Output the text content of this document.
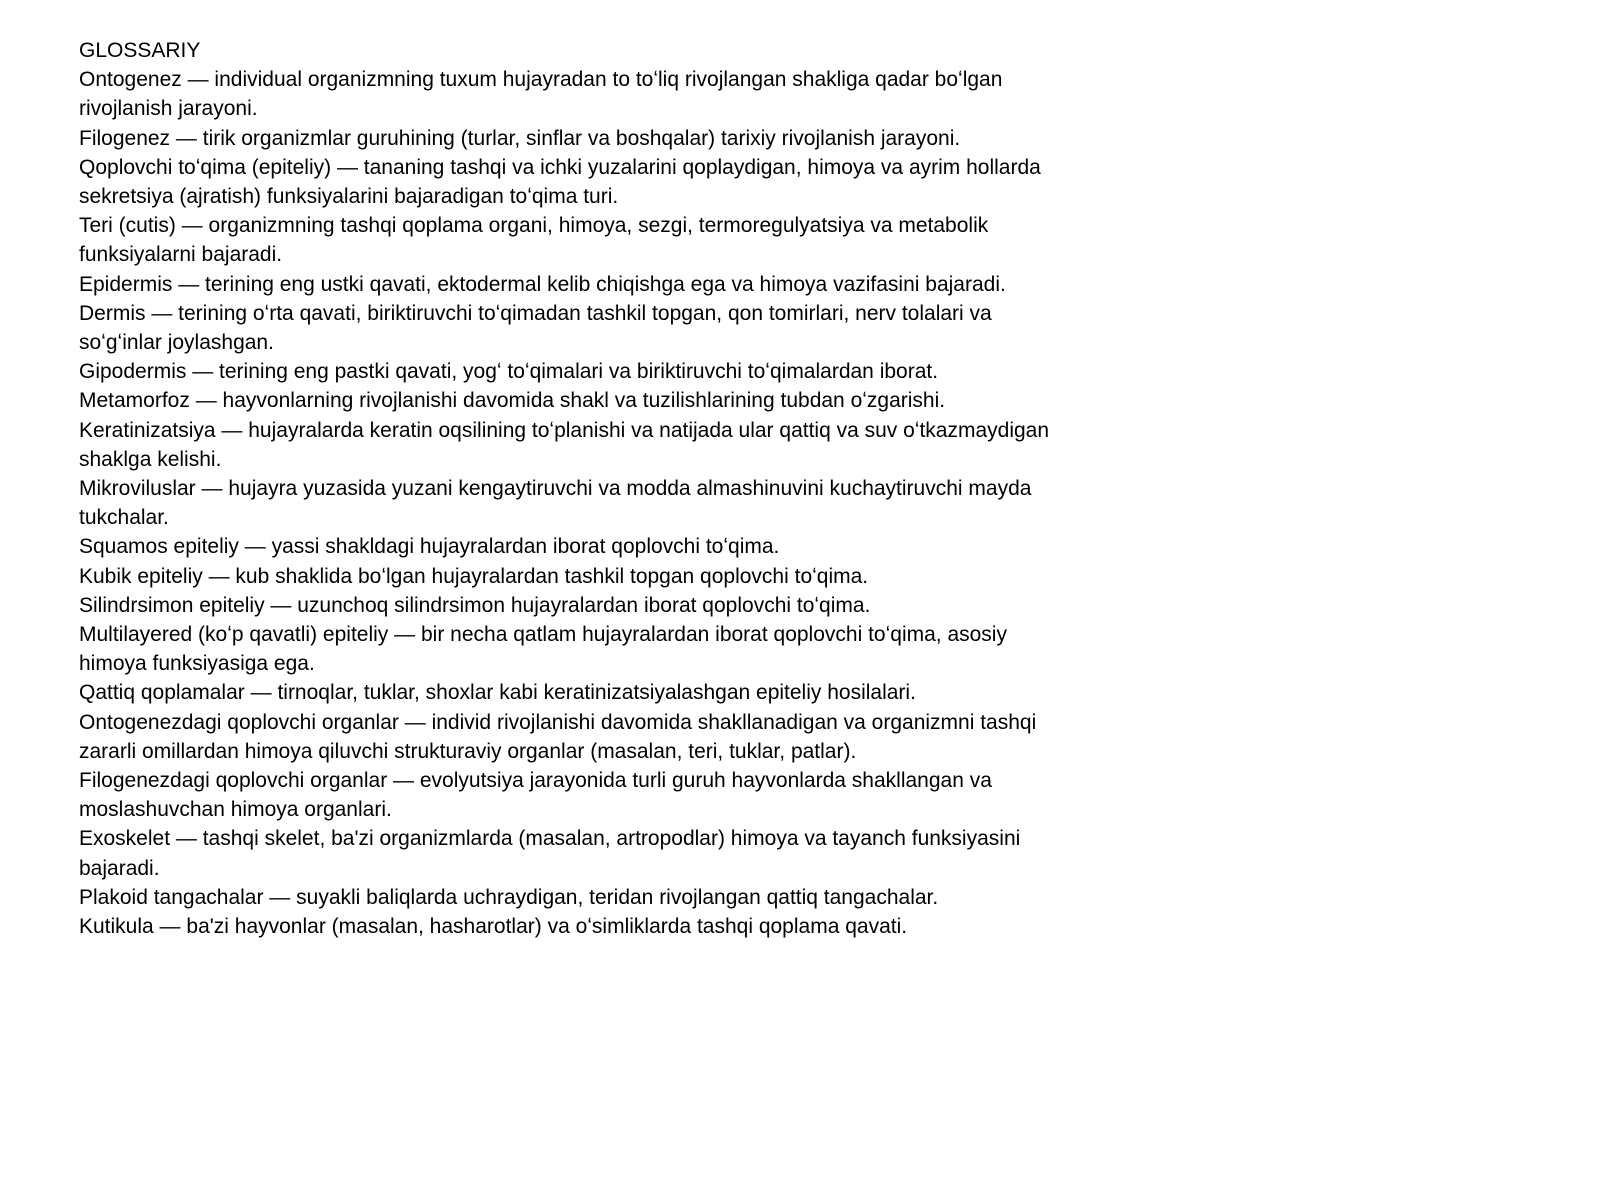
GLOSSARIY
Ontogenez — individual organizmning tuxum hujayradan to toʻliq rivojlangan shakliga qadar boʻlgan rivojlanish jarayoni.
Filogenez — tirik organizmlar guruhining (turlar, sinflar va boshqalar) tarixiy rivojlanish jarayoni.
Qoplovchi toʻqima (epiteliy) — tananing tashqi va ichki yuzalarini qoplaydigan, himoya va ayrim hollarda sekretsiya (ajratish) funksiyalarini bajaradigan toʻqima turi.
Teri (cutis) — organizmning tashqi qoplama organi, himoya, sezgi, termoregulyatsiya va metabolik funksiyalarni bajaradi.
Epidermis — terining eng ustki qavati, ektodermal kelib chiqishga ega va himoya vazifasini bajaradi.
Dermis — terining oʻrta qavati, biriktiruvchi toʻqimadan tashkil topgan, qon tomirlari, nerv tolalari va soʻgʻinlar joylashgan.
Gipodermis — terining eng pastki qavati, yogʻ toʻqimalari va biriktiruvchi toʻqimalardan iborat.
Metamorfoz — hayvonlarning rivojlanishi davomida shakl va tuzilishlarining tubdan oʻzgarishi.
Keratinizatsiya — hujayralarda keratin oqsilining toʻplanishi va natijada ular qattiq va suv oʻtkazmaydigan shaklga kelishi.
Mikroviluslar — hujayra yuzasida yuzani kengaytiruvchi va modda almashinuvini kuchaytiruvchi mayda tukchalar.
Squamos epiteliy — yassi shakldagi hujayralardan iborat qoplovchi toʻqima.
Kubik epiteliy — kub shaklida boʻlgan hujayralardan tashkil topgan qoplovchi toʻqima.
Silindrsimon epiteliy — uzunchoq silindrsimon hujayralardan iborat qoplovchi toʻqima.
Multilayered (koʻp qavatli) epiteliy — bir necha qatlam hujayralardan iborat qoplovchi toʻqima, asosiy himoya funksiyasiga ega.
Qattiq qoplamalar — tirnoqlar, tuklar, shoxlar kabi keratinizatsiyalashgan epiteliy hosilalari.
Ontogenezdagi qoplovchi organlar — individ rivojlanishi davomida shakllanadigan va organizmni tashqi zararli omillardan himoya qiluvchi strukturaviy organlar (masalan, teri, tuklar, patlar).
Filogenezdagi qoplovchi organlar — evolyutsiya jarayonida turli guruh hayvonlarda shakllangan va moslashuvchan himoya organlari.
Exoskelet — tashqi skelet, ba'zi organizmlarda (masalan, artropodlar) himoya va tayanch funksiyasini bajaradi.
Plakoid tangachalar — suyakli baliqlarda uchraydigan, teridan rivojlangan qattiq tangachalar.
Kutikula — ba'zi hayvonlar (masalan, hasharotlar) va oʻsimliklarda tashqi qoplama qavati.
